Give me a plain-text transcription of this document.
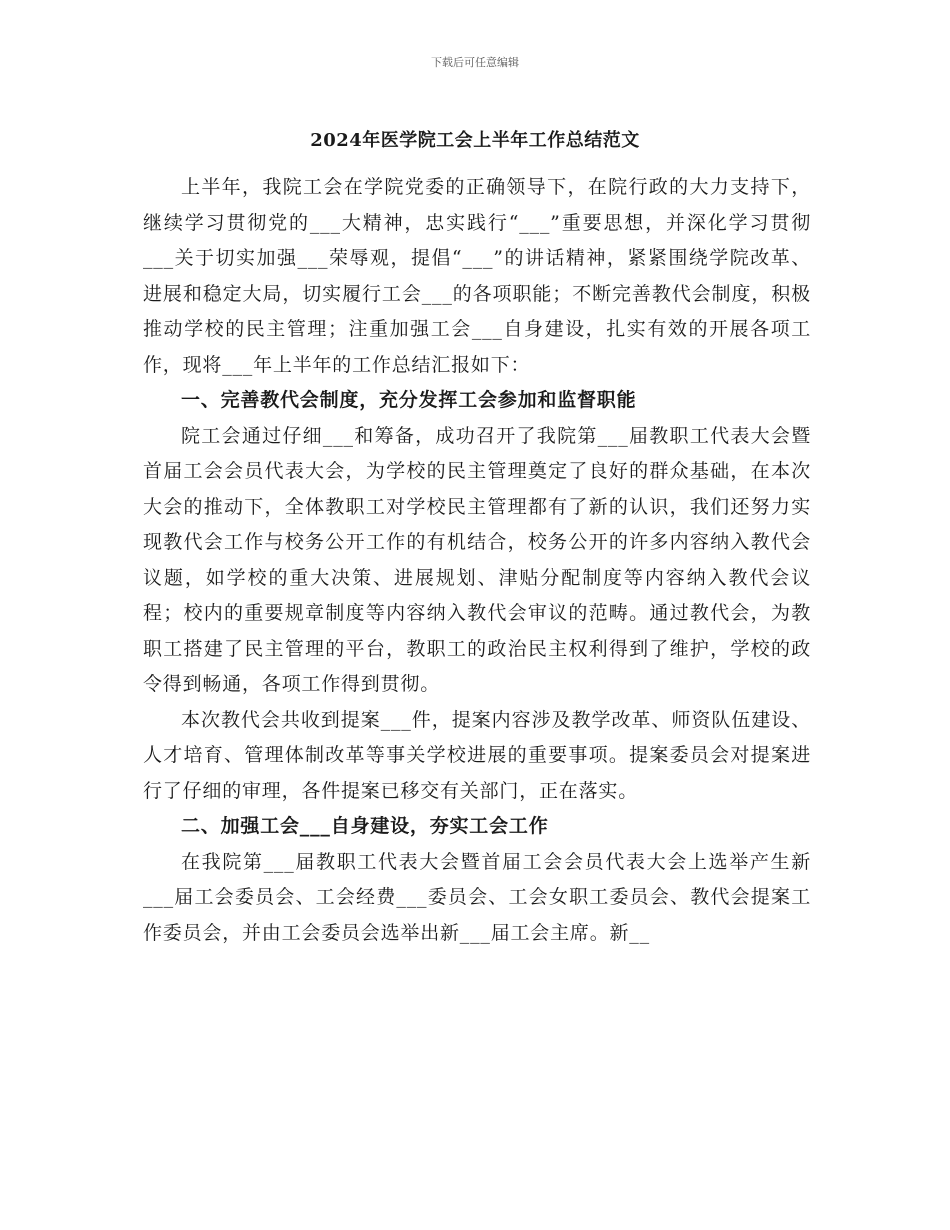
下载后可任意编辑
2024年医学院工会上半年工作总结范文

上半年，我院工会在学院党委的正确领导下，在院行政的大力支持下，继续学习贯彻党的___大精神，忠实践行“___”重要思想，并深化学习贯彻___关于切实加强___荣辱观，提倡“___”的讲话精神，紧紧围绕学院改革、进展和稳定大局，切实履行工会___的各项职能；不断完善教代会制度，积极推动学校的民主管理；注重加强工会___自身建设，扎实有效的开展各项工作，现将___年上半年的工作总结汇报如下：

一、完善教代会制度，充分发挥工会参加和监督职能

院工会通过仔细___和筹备，成功召开了我院第___届教职工代表大会暨首届工会会员代表大会，为学校的民主管理奠定了良好的群众基础，在本次大会的推动下，全体教职工对学校民主管理都有了新的认识，我们还努力实现教代会工作与校务公开工作的有机结合，校务公开的许多内容纳入教代会议题，如学校的重大决策、进展规划、津贴分配制度等内容纳入教代会议程；校内的重要规章制度等内容纳入教代会审议的范畴。通过教代会，为教职工搭建了民主管理的平台，教职工的政治民主权利得到了维护，学校的政令得到畅通，各项工作得到贯彻。

本次教代会共收到提案___件，提案内容涉及教学改革、师资队伍建设、人才培育、管理体制改革等事关学校进展的重要事项。提案委员会对提案进行了仔细的审理，各件提案已移交有关部门，正在落实。

二、加强工会___自身建设，夯实工会工作

在我院第___届教职工代表大会暨首届工会会员代表大会上选举产生新___届工会委员会、工会经费___委员会、工会女职工委员会、教代会提案工作委员会，并由工会委员会选举出新___届工会主席。新__
